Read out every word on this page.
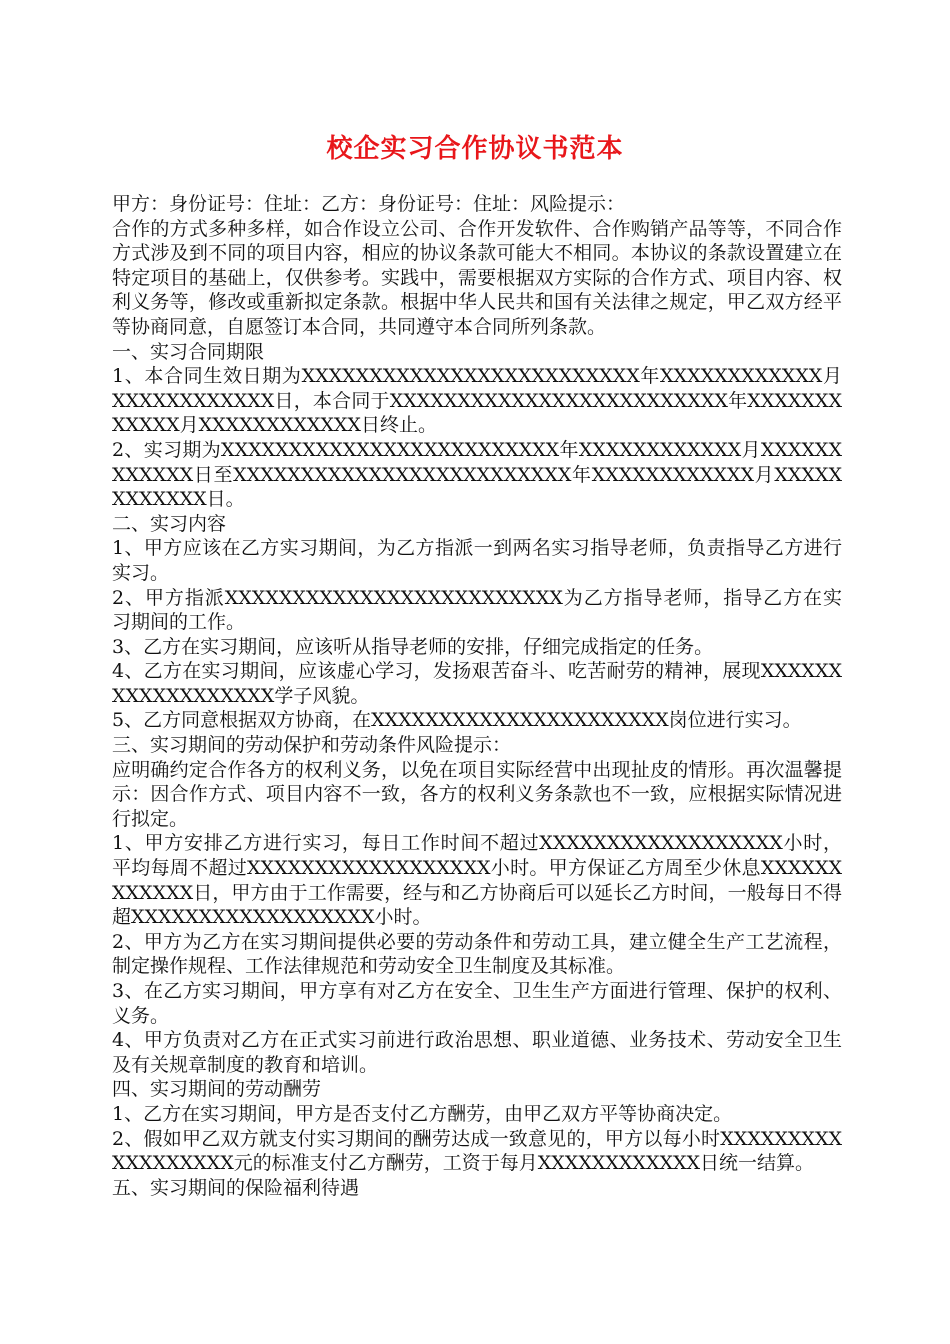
校企实习合作协议书范本

甲方：身份证号：住址：乙方：身份证号：住址：风险提示：

合作的方式多种多样，如合作设立公司、合作开发软件、合作购销产品等等，不同合作方式涉及到不同的项目内容，相应的协议条款可能大不相同。本协议的条款设置建立在特定项目的基础上，仅供参考。实践中，需要根据双方实际的合作方式、项目内容、权利义务等，修改或重新拟定条款。根据中华人民共和国有关法律之规定，甲乙双方经平等协商同意，自愿签订本合同，共同遵守本合同所列条款。

一、实习合同期限

1、本合同生效日期为XXXXXXXXXXXXXXXXXXXXXXXXX年XXXXXXXXXXXX月XXXXXXXXXXXX日，本合同于XXXXXXXXXXXXXXXXXXXXXXXXX年XXXXXXXXXXXX月XXXXXXXXXXXX日终止。

2、实习期为XXXXXXXXXXXXXXXXXXXXXXXXX年XXXXXXXXXXXX月XXXXXXXXXXXX日至XXXXXXXXXXXXXXXXXXXXXXXXX年XXXXXXXXXXXX月XXXXXXXXXXXX日。

二、实习内容

1、甲方应该在乙方实习期间，为乙方指派一到两名实习指导老师，负责指导乙方进行实习。

2、甲方指派XXXXXXXXXXXXXXXXXXXXXXXXX为乙方指导老师，指导乙方在实习期间的工作。

3、乙方在实习期间，应该听从指导老师的安排，仔细完成指定的任务。

4、乙方在实习期间，应该虚心学习，发扬艰苦奋斗、吃苦耐劳的精神，展现XXXXXXXXXXXXXXXXXX学子风貌。

5、乙方同意根据双方协商，在XXXXXXXXXXXXXXXXXXXXXX岗位进行实习。

三、实习期间的劳动保护和劳动条件风险提示：

应明确约定合作各方的权利义务，以免在项目实际经营中出现扯皮的情形。再次温馨提示：因合作方式、项目内容不一致，各方的权利义务条款也不一致，应根据实际情况进行拟定。

1、甲方安排乙方进行实习，每日工作时间不超过XXXXXXXXXXXXXXXXXX小时，平均每周不超过XXXXXXXXXXXXXXXXXX小时。甲方保证乙方周至少休息XXXXXXXXXXXX日，甲方由于工作需要，经与和乙方协商后可以延长乙方时间，一般每日不得超XXXXXXXXXXXXXXXXXX小时。

2、甲方为乙方在实习期间提供必要的劳动条件和劳动工具，建立健全生产工艺流程，制定操作规程、工作法律规范和劳动安全卫生制度及其标准。

3、在乙方实习期间，甲方享有对乙方在安全、卫生生产方面进行管理、保护的权利、义务。

4、甲方负责对乙方在正式实习前进行政治思想、职业道德、业务技术、劳动安全卫生及有关规章制度的教育和培训。

四、实习期间的劳动酬劳

1、乙方在实习期间，甲方是否支付乙方酬劳，由甲乙双方平等协商决定。

2、假如甲乙双方就支付实习期间的酬劳达成一致意见的，甲方以每小时XXXXXXXXXXXXXXXXXX元的标准支付乙方酬劳，工资于每月XXXXXXXXXXXX日统一结算。

五、实习期间的保险福利待遇
